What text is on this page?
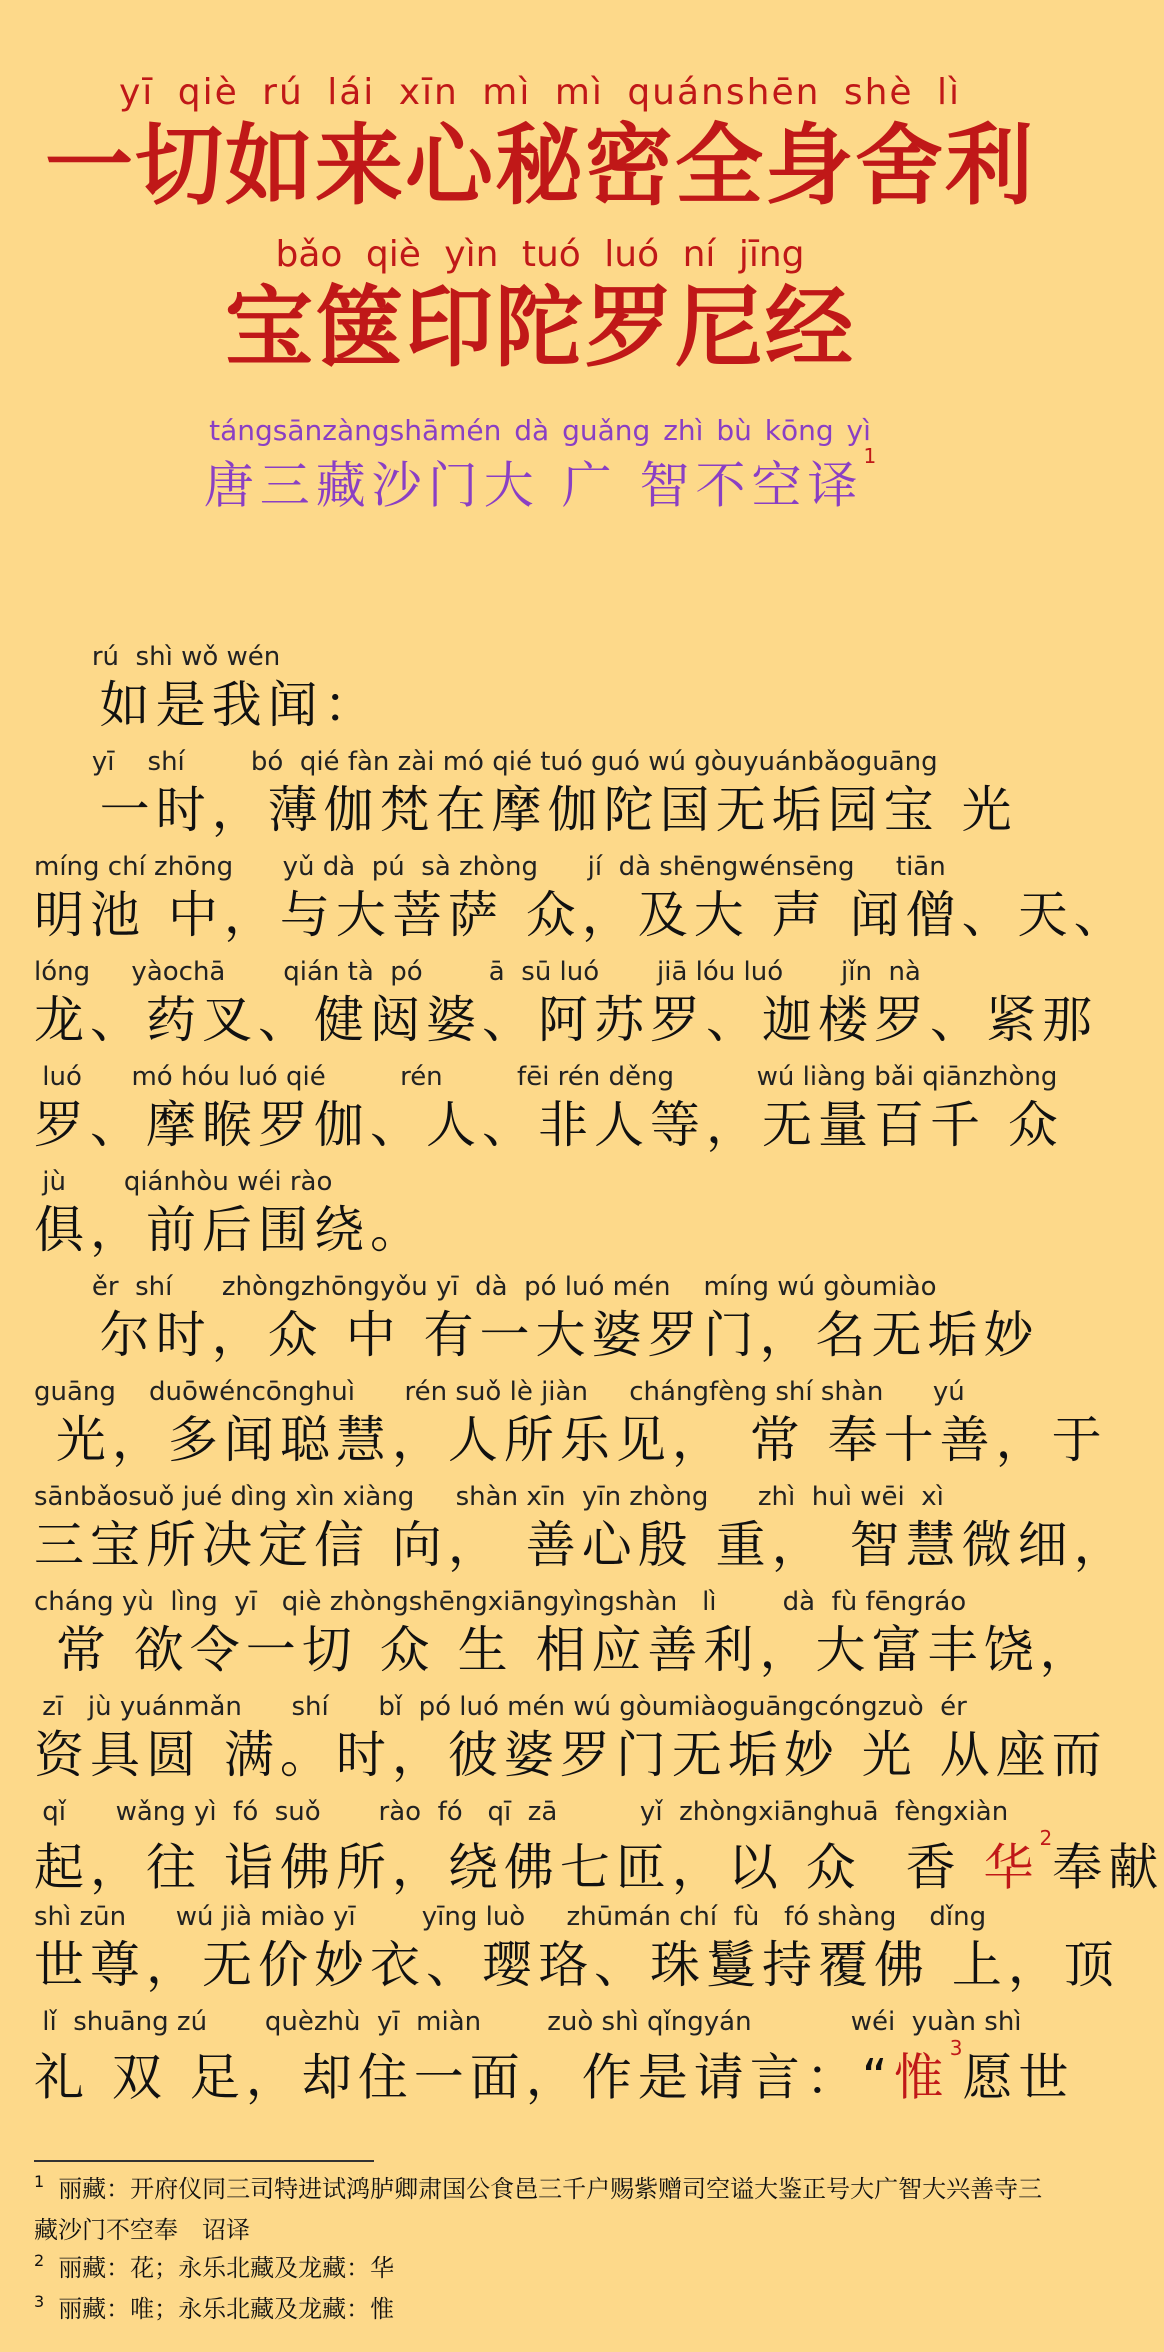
yī qiè rú lái xīn mì mì quánshēn shè lì
一切如来心秘密全身舍利
bǎo qiè yìn tuó luó ní jīng
宝箧印陀罗尼经
tángsānzàngshāmén dà guǎng zhì bù kōng yì
唐三藏沙门大 广 智不空译$^1$
rú  shì wǒ wén
如是我闻：
yī    shí        bó  qié fàn zài mó qié tuó guó wú gòuyuánbǎoguāng
一时，薄伽梵在摩伽陀国无垢园宝 光
míng chí zhōng      yǔ dà  pú  sà zhòng      jí  dà shēngwénsēng     tiān
明池 中，与大菩萨 众，及大 声 闻僧、天、
lóng     yàochā       qián tà  pó        ā  sū luó       jiā lóu luó       jǐn  nà
龙、药叉、健闼婆、阿苏罗、迦楼罗、紧那
luó      mó hóu luó qié         rén         fēi rén děng          wú liàng bǎi qiānzhòng
罗、摩睺罗伽、人、非人等，无量百千 众
jù       qiánhòu wéi rào
俱，前后围绕。
ěr  shí      zhòngzhōngyǒu yī  dà  pó luó mén    míng wú gòumiào
尔时，众 中 有一大婆罗门，名无垢妙
guāng    duōwéncōnghuì      rén suǒ lè jiàn     chángfèng shí shàn      yú
光，多闻聪慧，人所乐见， 常 奉十善，于
sānbǎosuǒ jué dìng xìn xiàng     shàn xīn  yīn zhòng      zhì  huì wēi  xì
三宝所决定信 向， 善心殷 重， 智慧微细，
cháng yù  lìng  yī   qiè zhòngshēngxiāngyìngshàn   lì        dà  fù fēngráo
常 欲令一切 众 生 相应善利，大富丰饶，
zī   jù yuánmǎn      shí      bǐ  pó luó mén wú gòumiàoguāngcóngzuò  ér
资具圆 满。时，彼婆罗门无垢妙 光 从座而
qǐ      wǎng yì  fó  suǒ       rào  fó   qī  zā          yǐ  zhòngxiānghuā  fèngxiàn
起，往 诣佛所，绕佛七匝，以 众  香 华$^2$奉献
shì zūn      wú jià miào yī        yīng luò     zhūmán chí  fù   fó shàng    dǐng
世尊，无价妙衣、璎珞、珠鬘持覆佛 上，顶
lǐ  shuāng zú       quèzhù  yī  miàn        zuò shì qǐngyán            wéi  yuàn shì
礼 双 足，却住一面，作是请言：“惟$^3$愿世
$^1$ 丽藏：开府仪同三司特进试鸿胪卿肃国公食邑三千户赐紫赠司空谥大鉴正号大广智大兴善寺三藏沙门不空奉　诏译
$^2$ 丽藏：花；永乐北藏及龙藏：华
$^3$ 丽藏：唯；永乐北藏及龙藏：惟
